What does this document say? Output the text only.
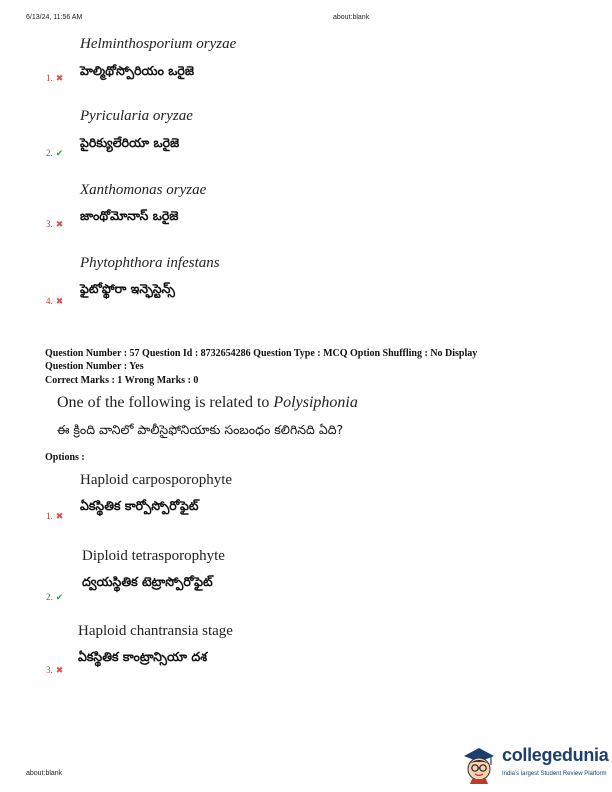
6/13/24, 11:56 AM	about:blank
Helminthosporium oryzae
హెల్మిథోస్పోరియం ఒరైజె
1. ✖
Pyricularia oryzae
పైరిక్యులేరియా ఒరైజె
2. ✔
Xanthomonas oryzae
జాంథోమోనాస్ ఒరైజె
3. ✖
Phytophthora infestans
ఫైటోఫ్థోరా ఇన్ఫెస్టెన్స్
4. ✖
Question Number : 57 Question Id : 8732654286 Question Type : MCQ Option Shuffling : No Display
Question Number : Yes
Correct Marks : 1 Wrong Marks : 0
One of the following is related to Polysiphonia
ఈ క్రింది వానిలో పాలీసైఫోనియాకు సంబంధం కలిగినది ఏది?
Options :
Haploid carposporophyte
ఏకస్థితిక కార్పోస్పోరోఫైట్
1. ✖
Diploid tetrasporophyte
ద్వయస్థితిక టెట్రాస్పోరోఫైట్
2. ✔
Haploid chantransia stage
ఏకస్థితిక కాంట్రాన్సియా దశ
3. ✖
about:blank
collegedunia
India's largest Student Review Platform
